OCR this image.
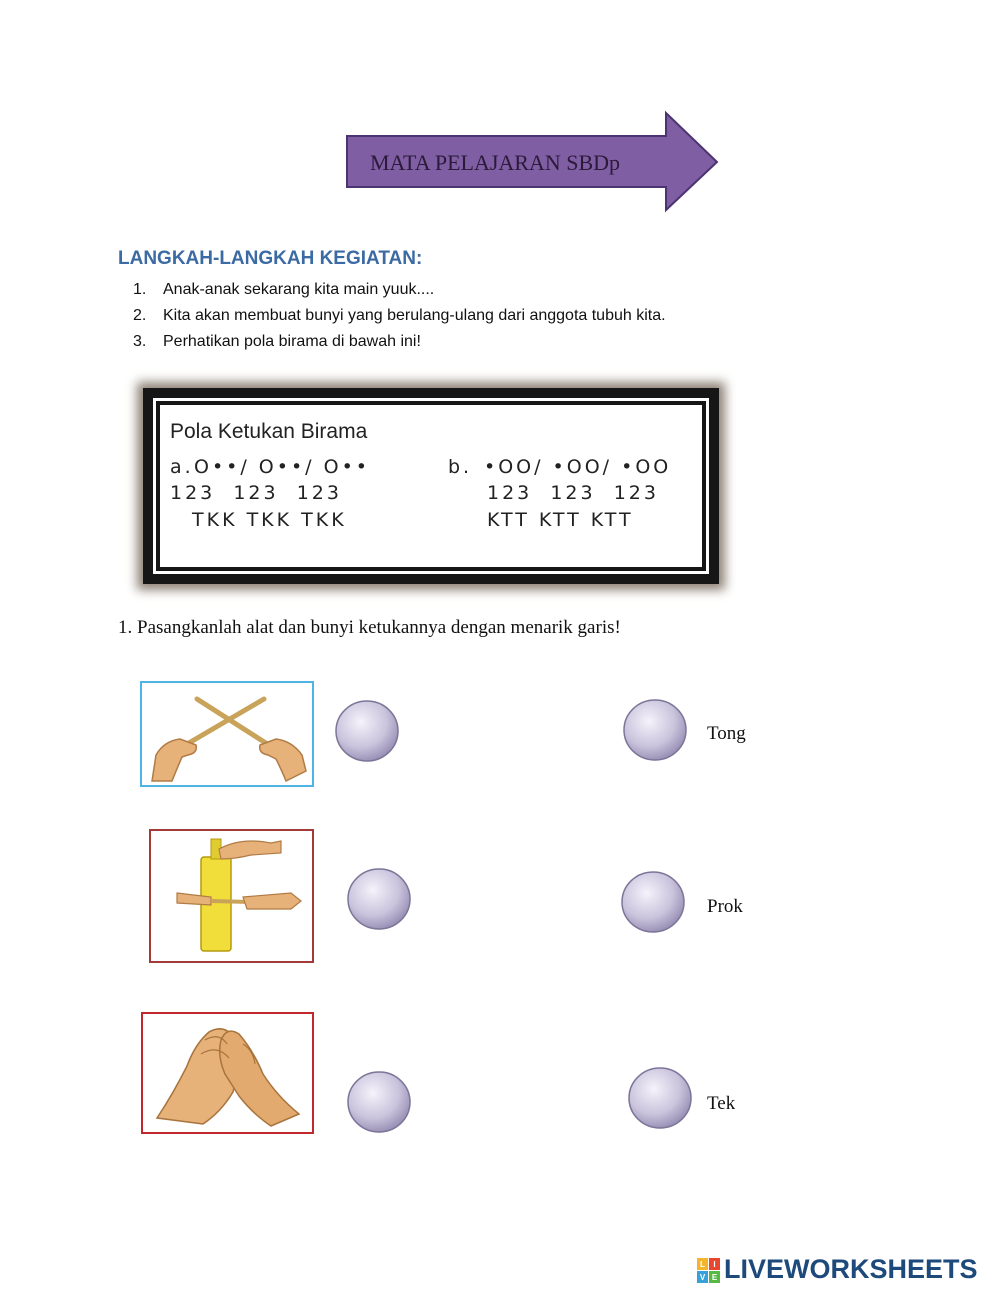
MATA PELAJARAN SBDp
LANGKAH-LANGKAH KEGIATAN:
1. Anak-anak sekarang kita main yuuk....
2. Kita akan membuat bunyi yang berulang-ulang dari anggota tubuh kita.
3. Perhatikan pola birama di bawah ini!
Pola Ketukan Birama
a. O••/ O••/ O••
123  123  123
TKK TKK TKK
b. •OO/ •OO/ •OO
123  123  123
KTT KTT KTT
1. Pasangkanlah alat dan bunyi ketukannya dengan menarik garis!
Tong
Prok
Tek
L I
V E LIVEWORKSHEETS
